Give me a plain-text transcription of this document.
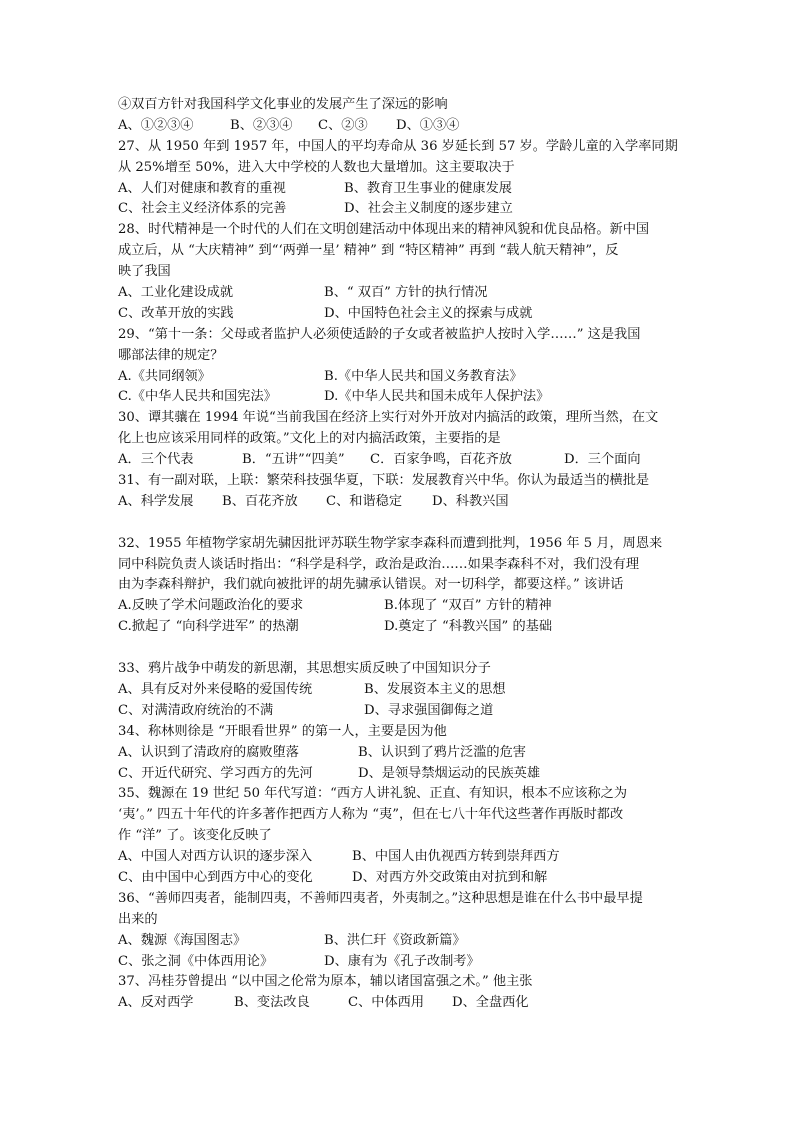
④双百方针对我国科学文化事业的发展产生了深远的影响
A、①②③④	B、②③④ C、②③ D、①③④
27、从 1950 年到 1957 年，中国人的平均寿命从 36 岁延长到 57 岁。学龄儿童的入学率同期
从 25%增至 50%，进入大中学校的人数也大量增加。这主要取决于
A、人们对健康和教育的重视	B、教育卫生事业的健康发展
C、社会主义经济体系的完善	D、社会主义制度的逐步建立
28、时代精神是一个时代的人们在文明创建活动中体现出来的精神风貌和优良品格。新中国
成立后，从 “大庆精神” 到“‘两弹一星’ 精神” 到 “特区精神” 再到 “载人航天精神”，反
映了我国
A、工业化建设成就	B、“ 双百” 方针的执行情况
C、改革开放的实践	D、中国特色社会主义的探索与成就
29、“第十一条：父母或者监护人必须使适龄的子女或者被监护人按时入学……” 这是我国
哪部法律的规定？
A.《共同纲领》	B.《中华人民共和国义务教育法》
C.《中华人民共和国宪法》	D.《中华人民共和国未成年人保护法》
30、谭其骧在 1994 年说“当前我国在经济上实行对外开放对内搞活的政策，理所当然，在文
化上也应该采用同样的政策。”文化上的对内搞活政策，主要指的是
A．三个代表	B．“五讲”“四美” C．百家争鸣，百花齐放	D．三个面向
31、有一副对联，上联：繁荣科技强华夏，下联：发展教育兴中华。你认为最适当的横批是
A、科学发展 B、百花齐放 C、和谐稳定 D、科教兴国
32、1955 年植物学家胡先骕因批评苏联生物学家李森科而遭到批判，1956 年 5 月，周恩来
同中科院负责人谈话时指出：“科学是科学，政治是政治……如果李森科不对，我们没有理
由为李森科辩护，我们就向被批评的胡先骕承认错误。对一切科学，都要这样。” 该讲话
A.反映了学术问题政治化的要求	B.体现了 “双百” 方针的精神
C.掀起了 “向科学进军” 的热潮	D.奠定了 “科教兴国” 的基础
33、鸦片战争中萌发的新思潮，其思想实质反映了中国知识分子
A、具有反对外来侵略的爱国传统	B、发展资本主义的思想
C、对满清政府统治的不满	D、寻求强国御侮之道
34、称林则徐是 “开眼看世界” 的第一人，主要是因为他
A、认识到了清政府的腐败堕落	B、认识到了鸦片泛滥的危害
C、开近代研究、学习西方的先河	D、是领导禁烟运动的民族英雄
35、魏源在 19 世纪 50 年代写道：“西方人讲礼貌、正直、有知识，根本不应该称之为
‘夷’。” 四五十年代的许多著作把西方人称为 “夷”，但在七八十年代这些著作再版时都改
作 “洋” 了。该变化反映了
A、中国人对西方认识的逐步深入	B、中国人由仇视西方转到崇拜西方
C、由中国中心到西方中心的变化	D、对西方外交政策由对抗到和解
36、“善师四夷者，能制四夷，不善师四夷者，外夷制之。”这种思想是谁在什么书中最早提
出来的
A、魏源《海国图志》	B、洪仁玕《资政新篇》
C、张之洞《中体西用论》	D、康有为《孔子改制考》
37、冯桂芬曾提出 “以中国之伦常为原本，辅以诸国富强之术。” 他主张
A、反对西学	B、变法改良	C、中体西用 D、全盘西化
